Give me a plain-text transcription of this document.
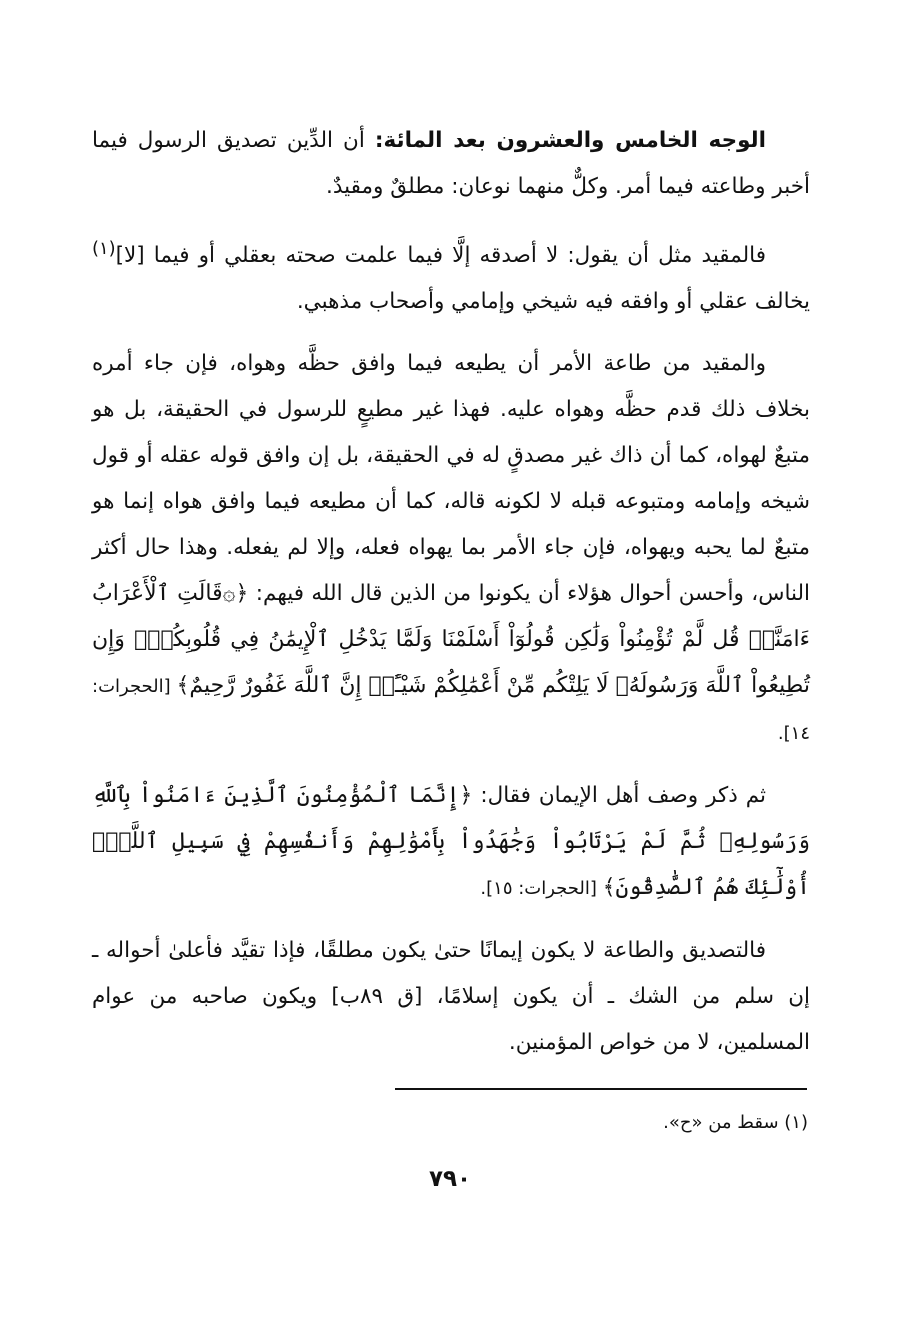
الوجه الخامس والعشرون بعد المائة: أن الدِّين تصديق الرسول فيما أخبر وطاعته فيما أمر. وكلٌّ منهما نوعان: مطلقٌ ومقيدٌ.

فالمقيد مثل أن يقول: لا أصدقه إلَّا فيما علمت صحته بعقلي أو فيما [لا]$^{(١)}$ يخالف عقلي أو وافقه فيه شيخي وإمامي وأصحاب مذهبي.

والمقيد من طاعة الأمر أن يطيعه فيما وافق حظَّه وهواه، فإن جاء أمره بخلاف ذلك قدم حظَّه وهواه عليه. فهذا غير مطيعٍ للرسول في الحقيقة، بل هو متبعٌ لهواه، كما أن ذاك غير مصدقٍ له في الحقيقة، بل إن وافق قوله عقله أو قول شيخه وإمامه ومتبوعه قبله لا لكونه قاله، كما أن مطيعه فيما وافق هواه إنما هو متبعٌ لما يحبه ويهواه، فإن جاء الأمر بما يهواه فعله، وإلا لم يفعله. وهذا حال أكثر الناس، وأحسن أحوال هؤلاء أن يكونوا من الذين قال الله فيهم: ﴿۞قَالَتِ ٱلْأَعْرَابُ ءَامَنَّاۖ قُل لَّمْ تُؤْمِنُواْ وَلَٰكِن قُولُوٓاْ أَسْلَمْنَا وَلَمَّا يَدْخُلِ ٱلْإِيمَٰنُ فِي قُلُوبِكُمْۖ وَإِن تُطِيعُواْ ٱللَّهَ وَرَسُولَهُۥ لَا يَلِتْكُم مِّنْ أَعْمَٰلِكُمْ شَيْـًٔاۚ إِنَّ ٱللَّهَ غَفُورٌ رَّحِيمٌ﴾ [الحجرات: ١٤].

ثم ذكر وصف أهل الإيمان فقال: ﴿إِنَّمَا ٱلْمُؤْمِنُونَ ٱلَّذِينَ ءَامَنُواْ بِٱللَّهِ وَرَسُولِهِۦ ثُمَّ لَمْ يَرْتَابُواْ وَجَٰهَدُواْ بِأَمْوَٰلِهِمْ وَأَنفُسِهِمْ فِي سَبِيلِ ٱللَّهِۚ أُوْلَٰٓئِكَ هُمُ ٱلصَّٰدِقُونَ﴾ [الحجرات: ١٥].

فالتصديق والطاعة لا يكون إيمانًا حتىٰ يكون مطلقًا، فإذا تقيَّد فأعلىٰ أحواله ـ إن سلم من الشك ـ أن يكون إسلامًا، [ق ٨٩ب] ويكون صاحبه من عوام المسلمين، لا من خواص المؤمنين.

(١) سقط من «ح».
٧٩٠
